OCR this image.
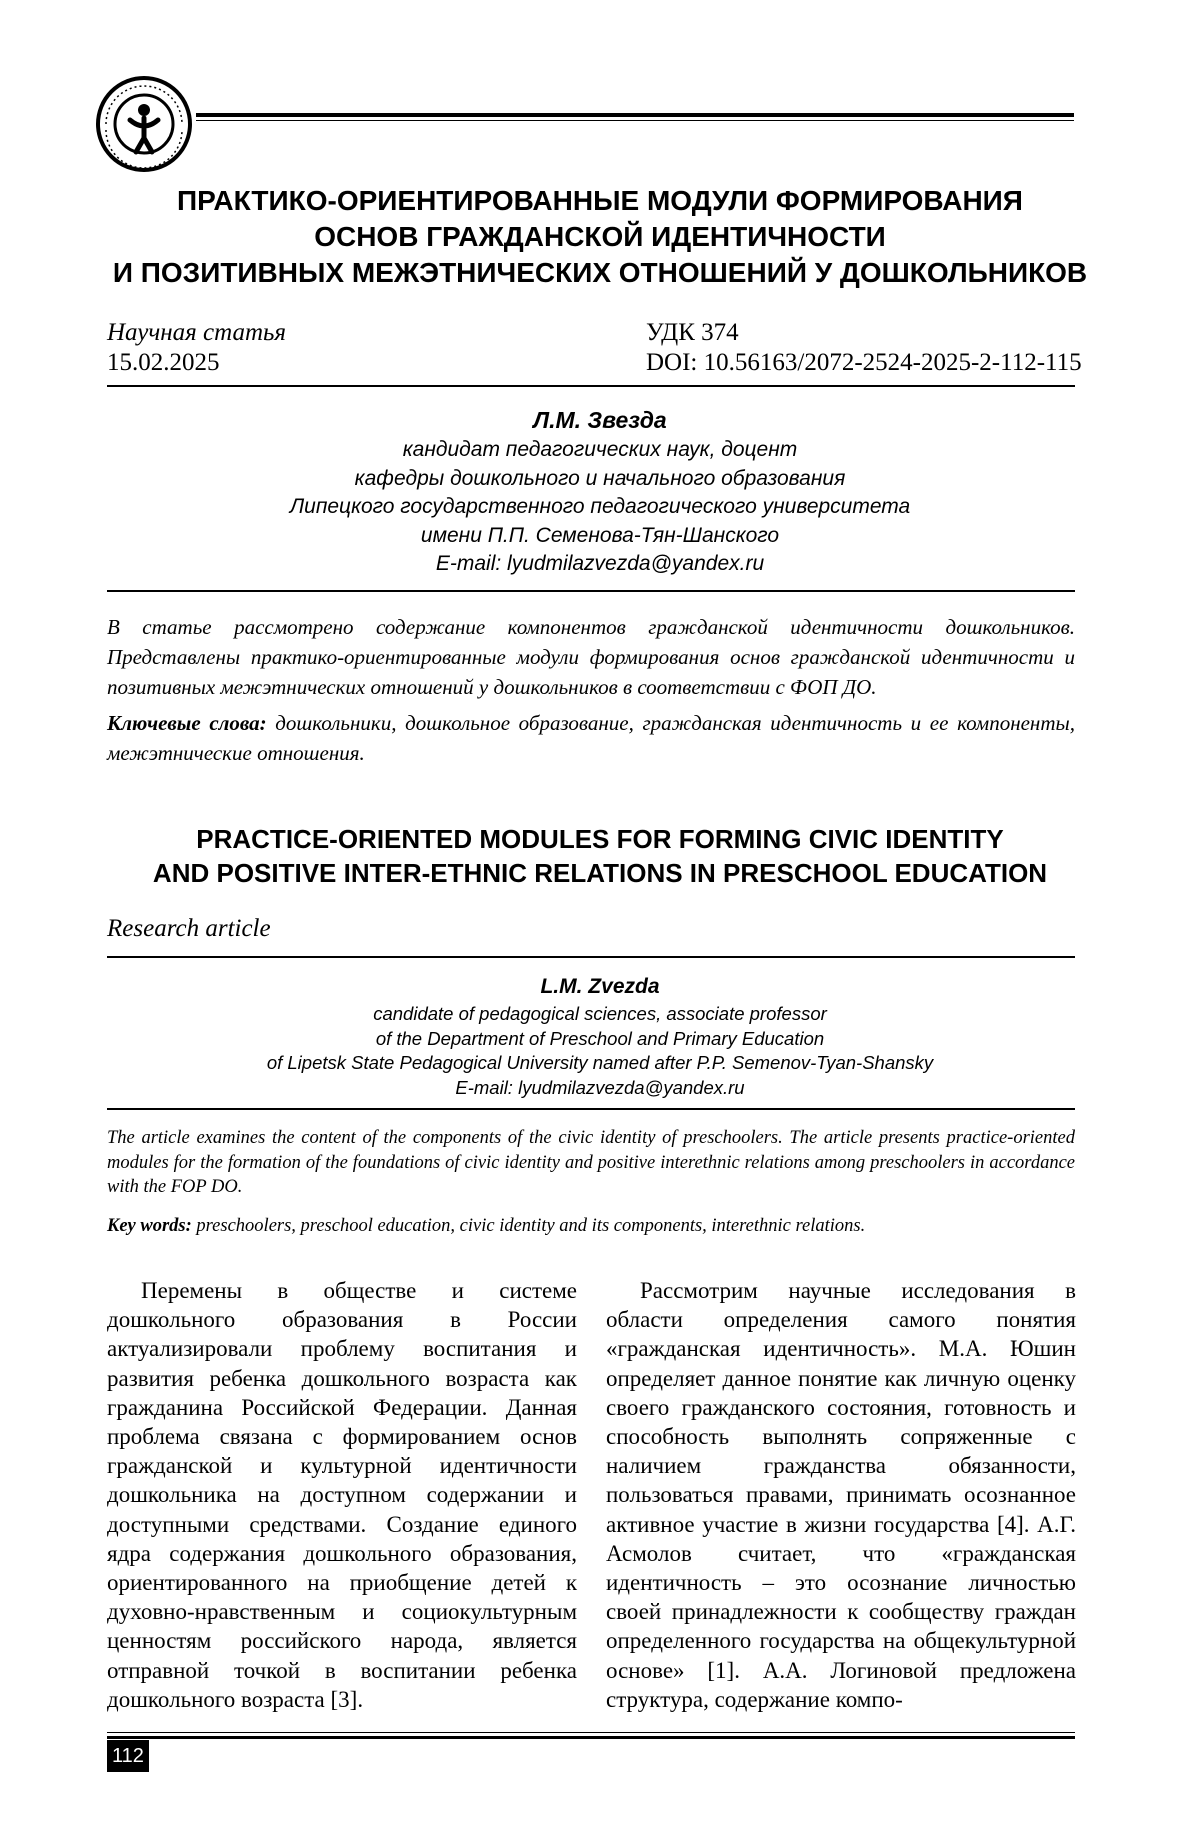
ПРАКТИКО-ОРИЕНТИРОВАННЫЕ МОДУЛИ ФОРМИРОВАНИЯ
ОСНОВ ГРАЖДАНСКОЙ ИДЕНТИЧНОСТИ
И ПОЗИТИВНЫХ МЕЖЭТНИЧЕСКИХ ОТНОШЕНИЙ У ДОШКОЛЬНИКОВ
Научная статья
15.02.2025
УДК 374
DOI: 10.56163/2072-2524-2025-2-112-115
Л.М. Звезда
кандидат педагогических наук, доцент
кафедры дошкольного и начального образования
Липецкого государственного педагогического университета
имени П.П. Семенова-Тян-Шанского
E-mail: lyudmilazvezda@yandex.ru

В статье рассмотрено содержание компонентов гражданской идентичности дошкольников. Представлены практико-ориентированные модули формирования основ гражданской идентичности и позитивных межэтнических отношений у дошкольников в соответствии с ФОП ДО.

Ключевые слова: дошкольники, дошкольное образование, гражданская идентичность и ее компоненты, межэтнические отношения.

PRACTICE-ORIENTED MODULES FOR FORMING CIVIC IDENTITY
AND POSITIVE INTER-ETHNIC RELATIONS IN PRESCHOOL EDUCATION
Research article
L.M. Zvezda
candidate of pedagogical sciences, associate professor
of the Department of Preschool and Primary Education
of Lipetsk State Pedagogical University named after P.P. Semenov-Tyan-Shansky
E-mail: lyudmilazvezda@yandex.ru

The article examines the content of the components of the civic identity of preschoolers. The article presents practice-oriented modules for the formation of the foundations of civic identity and positive interethnic relations among preschoolers in accordance with the FOP DO.

Key words: preschoolers, preschool education, civic identity and its components, interethnic relations.

Перемены в обществе и системе дошкольного образования в России актуализировали проблему воспитания и развития ребенка дошкольного возраста как гражданина Российской Федерации. Данная проблема связана с формированием основ гражданской и культурной идентичности дошкольника на доступном содержании и доступными средствами. Создание единого ядра содержания дошкольного образования, ориентированного на приобщение детей к духовно-нравственным и социокультурным ценностям российского народа, является отправной точкой в воспитании ребенка дошкольного возраста [3].

Рассмотрим научные исследования в области определения самого понятия «гражданская идентичность». М.А. Юшин определяет данное понятие как личную оценку своего гражданского состояния, готовность и способность выполнять сопряженные с наличием гражданства обязанности, пользоваться правами, принимать осознанное активное участие в жизни государства [4]. А.Г. Асмолов считает, что «гражданская идентичность – это осознание личностью своей принадлежности к сообществу граждан определенного государства на общекультурной основе» [1]. А.А. Логиновой предложена структура, содержание компо-

112
